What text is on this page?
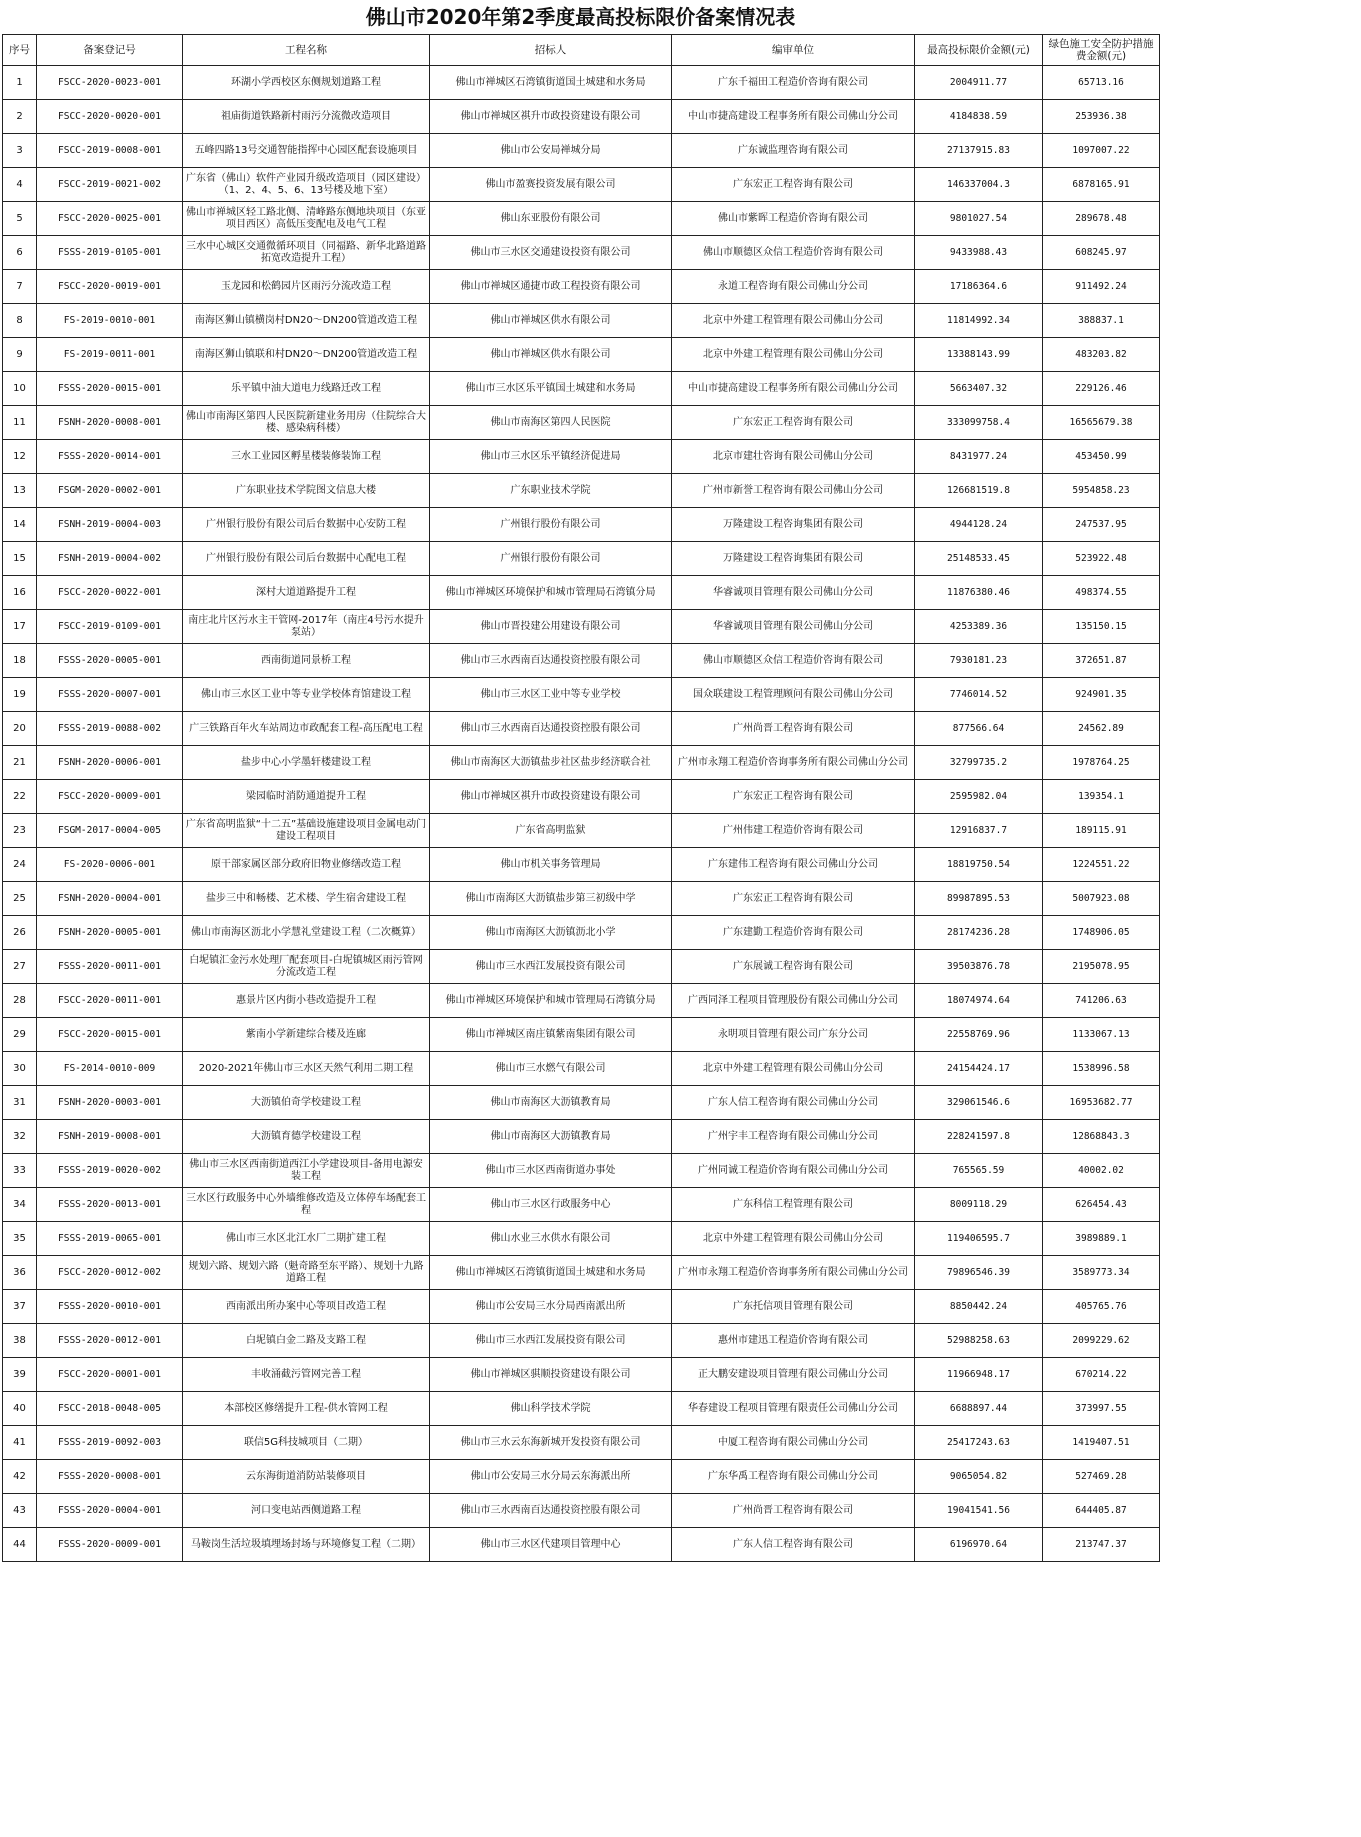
佛山市2020年第2季度最高投标限价备案情况表
序号	备案登记号	工程名称	招标人	编审单位	最高投标限价金额(元)	绿色施工安全防护措施费金额(元)
1	FSCC-2020-0023-001	环湖小学西校区东侧规划道路工程	佛山市禅城区石湾镇街道国土城建和水务局	广东千福田工程造价咨询有限公司	2004911.77	65713.16
2	FSCC-2020-0020-001	祖庙街道铁路新村雨污分流微改造项目	佛山市禅城区祺升市政投资建设有限公司	中山市捷高建设工程事务所有限公司佛山分公司	4184838.59	253936.38
3	FSCC-2019-0008-001	五峰四路13号交通智能指挥中心园区配套设施项目	佛山市公安局禅城分局	广东诚监理咨询有限公司	27137915.83	1097007.22
4	FSCC-2019-0021-002	广东省（佛山）软件产业园升级改造项目（园区建设）（1、2、4、5、6、13号楼及地下室）	佛山市盈赛投资发展有限公司	广东宏正工程咨询有限公司	146337004.3	6878165.91
5	FSCC-2020-0025-001	佛山市禅城区轻工路北侧、清峰路东侧地块项目（东亚项目西区）高低压变配电及电气工程	佛山东亚股份有限公司	佛山市紫晖工程造价咨询有限公司	9801027.54	289678.48
6	FSSS-2019-0105-001	三水中心城区交通微循环项目（同福路、新华北路道路拓宽改造提升工程）	佛山市三水区交通建设投资有限公司	佛山市顺德区众信工程造价咨询有限公司	9433988.43	608245.97
7	FSCC-2020-0019-001	玉龙园和松鹤园片区雨污分流改造工程	佛山市禅城区通捷市政工程投资有限公司	永道工程咨询有限公司佛山分公司	17186364.6	911492.24
8	FS-2019-0010-001	南海区狮山镇横岗村DN20～DN200管道改造工程	佛山市禅城区供水有限公司	北京中外建工程管理有限公司佛山分公司	11814992.34	388837.1
9	FS-2019-0011-001	南海区狮山镇联和村DN20～DN200管道改造工程	佛山市禅城区供水有限公司	北京中外建工程管理有限公司佛山分公司	13388143.99	483203.82
10	FSSS-2020-0015-001	乐平镇中油大道电力线路迁改工程	佛山市三水区乐平镇国土城建和水务局	中山市捷高建设工程事务所有限公司佛山分公司	5663407.32	229126.46
11	FSNH-2020-0008-001	佛山市南海区第四人民医院新建业务用房（住院综合大楼、感染病科楼）	佛山市南海区第四人民医院	广东宏正工程咨询有限公司	333099758.4	16565679.38
12	FSSS-2020-0014-001	三水工业园区孵星楼装修装饰工程	佛山市三水区乐平镇经济促进局	北京市建壮咨询有限公司佛山分公司	8431977.24	453450.99
13	FSGM-2020-0002-001	广东职业技术学院图文信息大楼	广东职业技术学院	广州市新誉工程咨询有限公司佛山分公司	126681519.8	5954858.23
14	FSNH-2019-0004-003	广州银行股份有限公司后台数据中心安防工程	广州银行股份有限公司	万隆建设工程咨询集团有限公司	4944128.24	247537.95
15	FSNH-2019-0004-002	广州银行股份有限公司后台数据中心配电工程	广州银行股份有限公司	万隆建设工程咨询集团有限公司	25148533.45	523922.48
16	FSCC-2020-0022-001	深村大道道路提升工程	佛山市禅城区环境保护和城市管理局石湾镇分局	华睿诚项目管理有限公司佛山分公司	11876380.46	498374.55
17	FSCC-2019-0109-001	南庄北片区污水主干管网-2017年（南庄4号污水提升泵站）	佛山市晋投建公用建设有限公司	华睿诚项目管理有限公司佛山分公司	4253389.36	135150.15
18	FSSS-2020-0005-001	西南街道同景桥工程	佛山市三水西南百达通投资控股有限公司	佛山市顺德区众信工程造价咨询有限公司	7930181.23	372651.87
19	FSSS-2020-0007-001	佛山市三水区工业中等专业学校体育馆建设工程	佛山市三水区工业中等专业学校	国众联建设工程管理顾问有限公司佛山分公司	7746014.52	924901.35
20	FSSS-2019-0088-002	广三铁路百年火车站周边市政配套工程-高压配电工程	佛山市三水西南百达通投资控股有限公司	广州尚晋工程咨询有限公司	877566.64	24562.89
21	FSNH-2020-0006-001	盐步中心小学墨轩楼建设工程	佛山市南海区大沥镇盐步社区盐步经济联合社	广州市永翔工程造价咨询事务所有限公司佛山分公司	32799735.2	1978764.25
22	FSCC-2020-0009-001	梁园临时消防通道提升工程	佛山市禅城区祺升市政投资建设有限公司	广东宏正工程咨询有限公司	2595982.04	139354.1
23	FSGM-2017-0004-005	广东省高明监狱“十二五”基础设施建设项目金属电动门建设工程项目	广东省高明监狱	广州伟建工程造价咨询有限公司	12916837.7	189115.91
24	FS-2020-0006-001	原干部家属区部分政府旧物业修缮改造工程	佛山市机关事务管理局	广东建伟工程咨询有限公司佛山分公司	18819750.54	1224551.22
25	FSNH-2020-0004-001	盐步三中和畅楼、艺术楼、学生宿舍建设工程	佛山市南海区大沥镇盐步第三初级中学	广东宏正工程咨询有限公司	89987895.53	5007923.08
26	FSNH-2020-0005-001	佛山市南海区沥北小学慧礼堂建设工程（二次概算）	佛山市南海区大沥镇沥北小学	广东建勤工程造价咨询有限公司	28174236.28	1748906.05
27	FSSS-2020-0011-001	白坭镇汇金污水处理厂配套项目-白坭镇城区雨污管网分流改造工程	佛山市三水西江发展投资有限公司	广东展诚工程咨询有限公司	39503876.78	2195078.95
28	FSCC-2020-0011-001	惠景片区内街小巷改造提升工程	佛山市禅城区环境保护和城市管理局石湾镇分局	广西同泽工程项目管理股份有限公司佛山分公司	18074974.64	741206.63
29	FSCC-2020-0015-001	紫南小学新建综合楼及连廊	佛山市禅城区南庄镇紫南集团有限公司	永明项目管理有限公司广东分公司	22558769.96	1133067.13
30	FS-2014-0010-009	2020-2021年佛山市三水区天然气利用二期工程	佛山市三水燃气有限公司	北京中外建工程管理有限公司佛山分公司	24154424.17	1538996.58
31	FSNH-2020-0003-001	大沥镇伯奇学校建设工程	佛山市南海区大沥镇教育局	广东人信工程咨询有限公司佛山分公司	329061546.6	16953682.77
32	FSNH-2019-0008-001	大沥镇育德学校建设工程	佛山市南海区大沥镇教育局	广州宇丰工程咨询有限公司佛山分公司	228241597.8	12868843.3
33	FSSS-2019-0020-002	佛山市三水区西南街道西江小学建设项目-备用电源安装工程	佛山市三水区西南街道办事处	广州同诚工程造价咨询有限公司佛山分公司	765565.59	40002.02
34	FSSS-2020-0013-001	三水区行政服务中心外墙维修改造及立体停车场配套工程	佛山市三水区行政服务中心	广东科信工程管理有限公司	8009118.29	626454.43
35	FSSS-2019-0065-001	佛山市三水区北江水厂二期扩建工程	佛山水业三水供水有限公司	北京中外建工程管理有限公司佛山分公司	119406595.7	3989889.1
36	FSCC-2020-0012-002	规划六路、规划六路（魁奇路至东平路）、规划十九路道路工程	佛山市禅城区石湾镇街道国土城建和水务局	广州市永翔工程造价咨询事务所有限公司佛山分公司	79896546.39	3589773.34
37	FSSS-2020-0010-001	西南派出所办案中心等项目改造工程	佛山市公安局三水分局西南派出所	广东托信项目管理有限公司	8850442.24	405765.76
38	FSSS-2020-0012-001	白坭镇白金二路及支路工程	佛山市三水西江发展投资有限公司	惠州市建迅工程造价咨询有限公司	52988258.63	2099229.62
39	FSCC-2020-0001-001	丰收涌截污管网完善工程	佛山市禅城区骐顺投资建设有限公司	正大鹏安建设项目管理有限公司佛山分公司	11966948.17	670214.22
40	FSCC-2018-0048-005	本部校区修缮提升工程-供水管网工程	佛山科学技术学院	华春建设工程项目管理有限责任公司佛山分公司	6688897.44	373997.55
41	FSSS-2019-0092-003	联信5G科技城项目（二期）	佛山市三水云东海新城开发投资有限公司	中厦工程咨询有限公司佛山分公司	25417243.63	1419407.51
42	FSSS-2020-0008-001	云东海街道消防站装修项目	佛山市公安局三水分局云东海派出所	广东华禹工程咨询有限公司佛山分公司	9065054.82	527469.28
43	FSSS-2020-0004-001	河口变电站西侧道路工程	佛山市三水西南百达通投资控股有限公司	广州尚晋工程咨询有限公司	19041541.56	644405.87
44	FSSS-2020-0009-001	马鞍岗生活垃圾填埋场封场与环境修复工程（二期）	佛山市三水区代建项目管理中心	广东人信工程咨询有限公司	6196970.64	213747.37
